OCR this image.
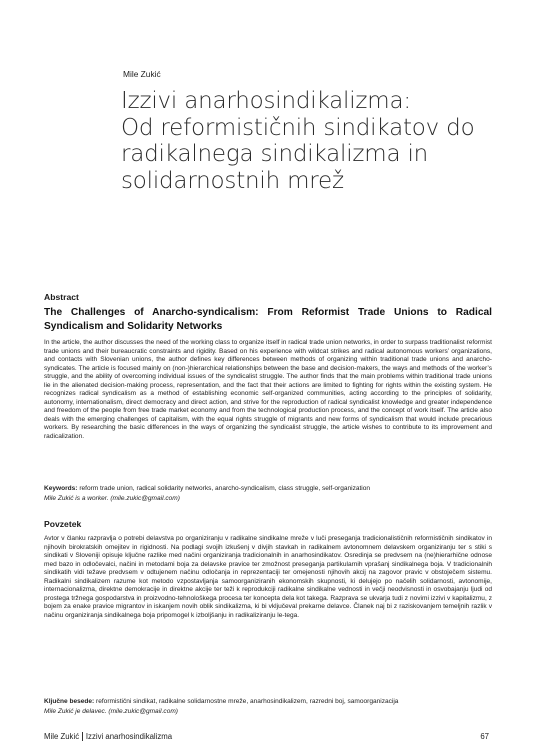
Mile Zukić
Izzivi anarhosindikalizma:
Od reformističnih sindikatov do
radikalnega sindikalizma in
solidarnostnih mrež
Abstract
The Challenges of Anarcho-syndicalism: From Reformist Trade Unions to Radical Syndicalism and Solidarity Networks

In the article, the author discusses the need of the working class to organize itself in radical trade union networks, in order to surpass traditionalist reformist trade unions and their bureaucratic constraints and rigidity. Based on his experience with wildcat strikes and radical autonomous workers’ organizations, and contacts with Slovenian unions, the author defines key differences between methods of organizing within traditional trade unions and anarcho-syndicates. The article is focused mainly on (non-)hierarchical relationships between the base and decision-makers, the ways and methods of the worker’s struggle, and the ability of overcoming individual issues of the syndicalist struggle. The author finds that the main problems within traditional trade unions lie in the alienated decision-making process, representation, and the fact that their actions are limited to fighting for rights within the existing system. He recognizes radical syndicalism as a method of establishing economic self-organized communities, acting according to the principles of solidarity, autonomy, internationalism, direct democracy and direct action, and strive for the reproduction of radical syndicalist knowledge and greater independence and freedom of the people from free trade market economy and from the technological production process, and the concept of work itself. The article also deals with the emerging challenges of capitalism, with the equal rights struggle of migrants and new forms of syndicalism that would include precarious workers. By researching the basic differences in the ways of organizing the syndicalist struggle, the article wishes to contribute to its improvement and radicalization.

Keywords: reform trade union, radical solidarity networks, anarcho-syndicalism, class struggle, self-organization

Mile Zukić is a worker. (mile.zukic@gmail.com)

Povzetek

Avtor v članku razpravlja o potrebi delavstva po organiziranju v radikalne sindikalne mreže v luči preseganja tradicionalističnih reformističnih sindikatov in njihovih birokratskih omejitev in rigidnosti. Na podlagi svojih izkušenj v divjih stavkah in radikalnem avtonomnem delavskem organiziranju ter s stiki s sindikati v Sloveniji opisuje ključne razlike med načini organiziranja tradicionalnih in anarhosindikatov. Osredinja se predvsem na (ne)hierarhične odnose med bazo in odločevalci, načini in metodami boja za delavske pravice ter zmožnost preseganja partikularnih vprašanj sindikalnega boja. V tradicionalnih sindikatih vidi težave predvsem v odtujenem načinu odločanja in reprezentaciji ter omejenosti njihovih akcij na zagovor pravic v obstoječem sistemu. Radikalni sindikalizem razume kot metodo vzpostavljanja samoorganiziranih ekonomskih skupnosti, ki delujejo po načelih solidarnosti, avtonomije, internacionalizma, direktne demokracije in direktne akcije ter teži k reprodukciji radikalne sindikalne vednosti in večji neodvisnosti in osvobajanju ljudi od prostega tržnega gospodarstva in proizvodno-tehnološkega procesa ter koncepta dela kot takega. Razprava se ukvarja tudi z novimi izzivi v kapitalizmu, z bojem za enake pravice migrantov in iskanjem novih oblik sindikalizma, ki bi vključeval prekarne delavce. Članek naj bi z raziskovanjem temeljnih razlik v načinu organiziranja sindikalnega boja pripomogel k izboljšanju in radikaliziranju le-tega.

Ključne besede: reformistični sindikat, radikalne solidarnostne mreže, anarhosindikalizem, razredni boj, samoorganizacija

Mile Zukić je delavec. (mile.zukic@gmail.com)

Mile Zukić Izzivi anarhosindikalizma	67
